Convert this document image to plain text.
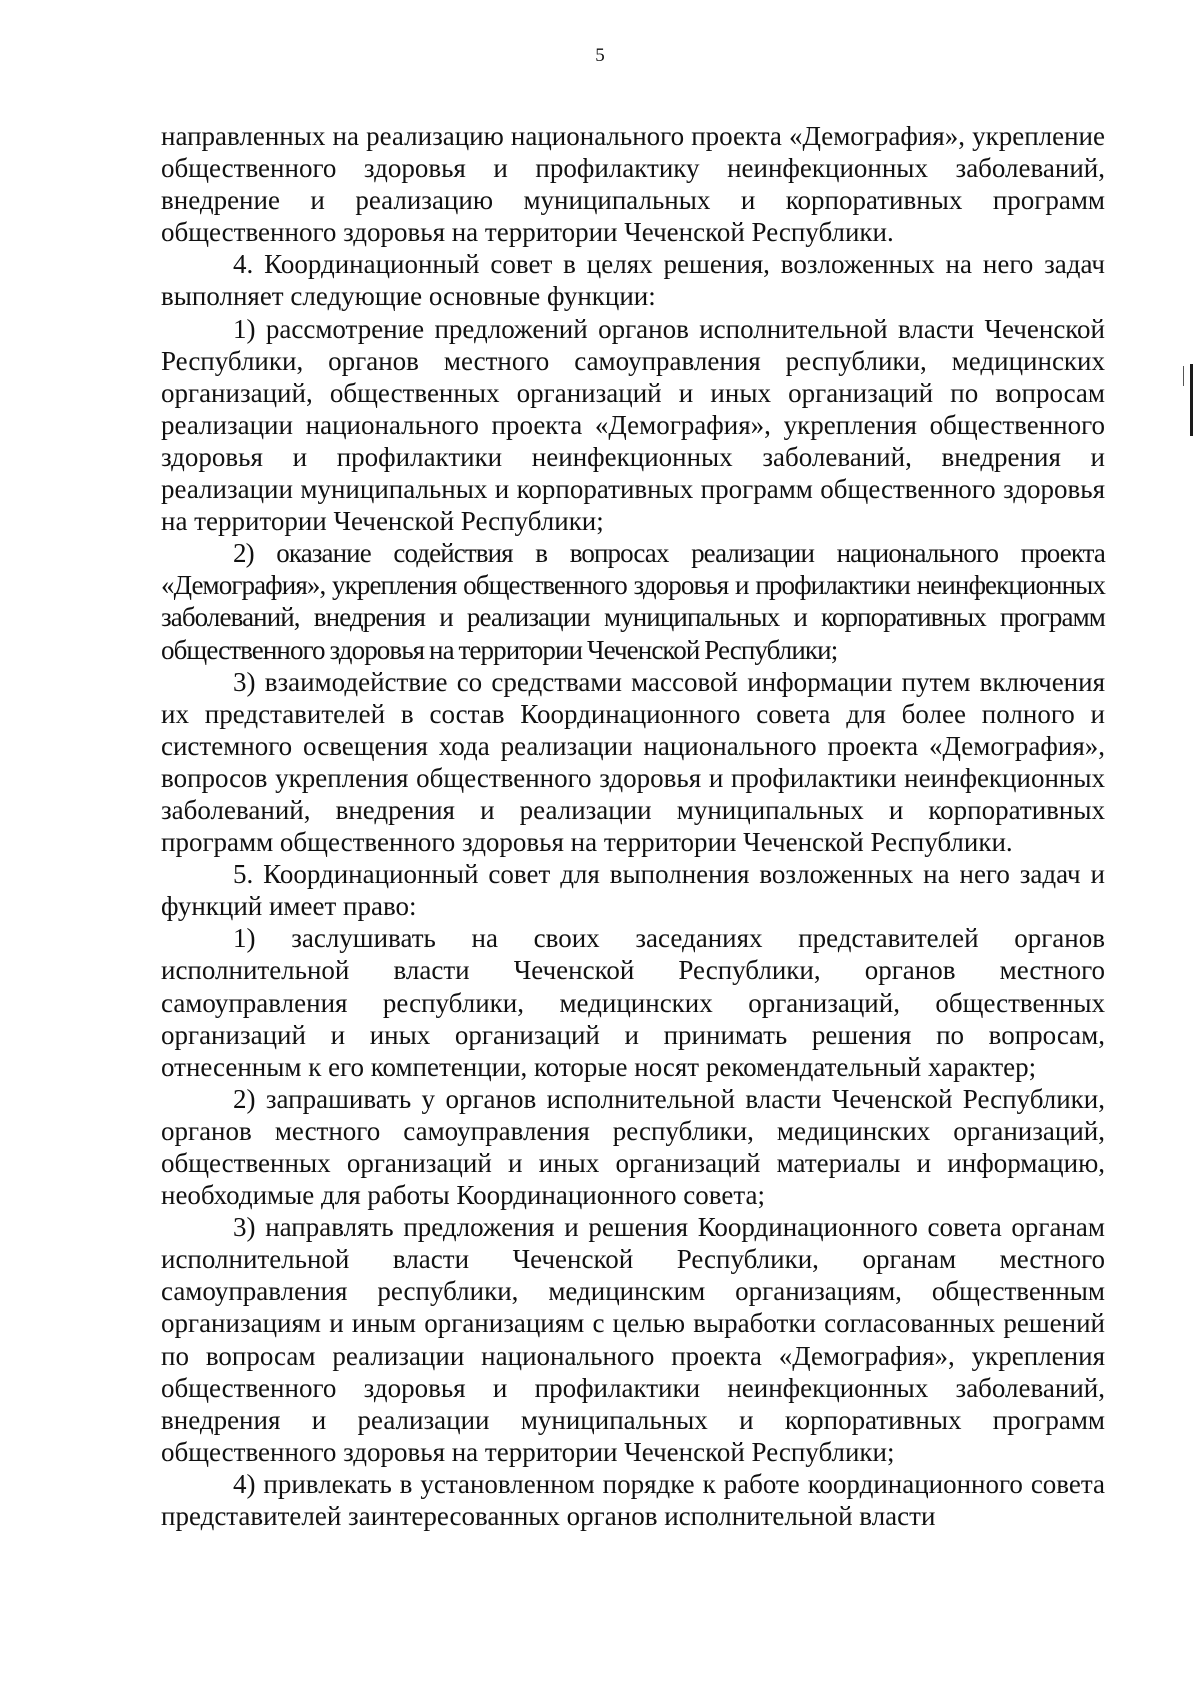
5

направленных на реализацию национального проекта «Демография», укрепление общественного здоровья и профилактику неинфекционных заболеваний, внедрение и реализацию муниципальных и корпоративных программ общественного здоровья на территории Чеченской Республики.

4. Координационный совет в целях решения, возложенных на него задач выполняет следующие основные функции:

1) рассмотрение предложений органов исполнительной власти Чеченской Республики, органов местного самоуправления республики, медицинских организаций, общественных организаций и иных организаций по вопросам реализации национального проекта «Демография», укрепления общественного здоровья и профилактики неинфекционных заболеваний, внедрения и реализации муниципальных и корпоративных программ общественного здоровья на территории Чеченской Республики;

2) оказание содействия в вопросах реализации национального проекта «Демография», укрепления общественного здоровья и профилактики неинфекционных заболеваний, внедрения и реализации муниципальных и корпоративных программ общественного здоровья на территории Чеченской Республики;

3) взаимодействие со средствами массовой информации путем включения их представителей в состав Координационного совета для более полного и системного освещения хода реализации национального проекта «Демография», вопросов укрепления общественного здоровья и профилактики неинфекционных заболеваний, внедрения и реализации муниципальных и корпоративных программ общественного здоровья на территории Чеченской Республики.

5. Координационный совет для выполнения возложенных на него задач и функций имеет право:

1) заслушивать на своих заседаниях представителей органов исполнительной власти Чеченской Республики, органов местного самоуправления республики, медицинских организаций, общественных организаций и иных организаций и принимать решения по вопросам, отнесенным к его компетенции, которые носят рекомендательный характер;

2) запрашивать у органов исполнительной власти Чеченской Республики, органов местного самоуправления республики, медицинских организаций, общественных организаций и иных организаций материалы и информацию, необходимые для работы Координационного совета;

3) направлять предложения и решения Координационного совета органам исполнительной власти Чеченской Республики, органам местного самоуправления республики, медицинским организациям, общественным организациям и иным организациям с целью выработки согласованных решений по вопросам реализации национального проекта «Демография», укрепления общественного здоровья и профилактики неинфекционных заболеваний, внедрения и реализации муниципальных и корпоративных программ общественного здоровья на территории Чеченской Республики;

4) привлекать в установленном порядке к работе координационного совета представителей заинтересованных органов исполнительной власти
